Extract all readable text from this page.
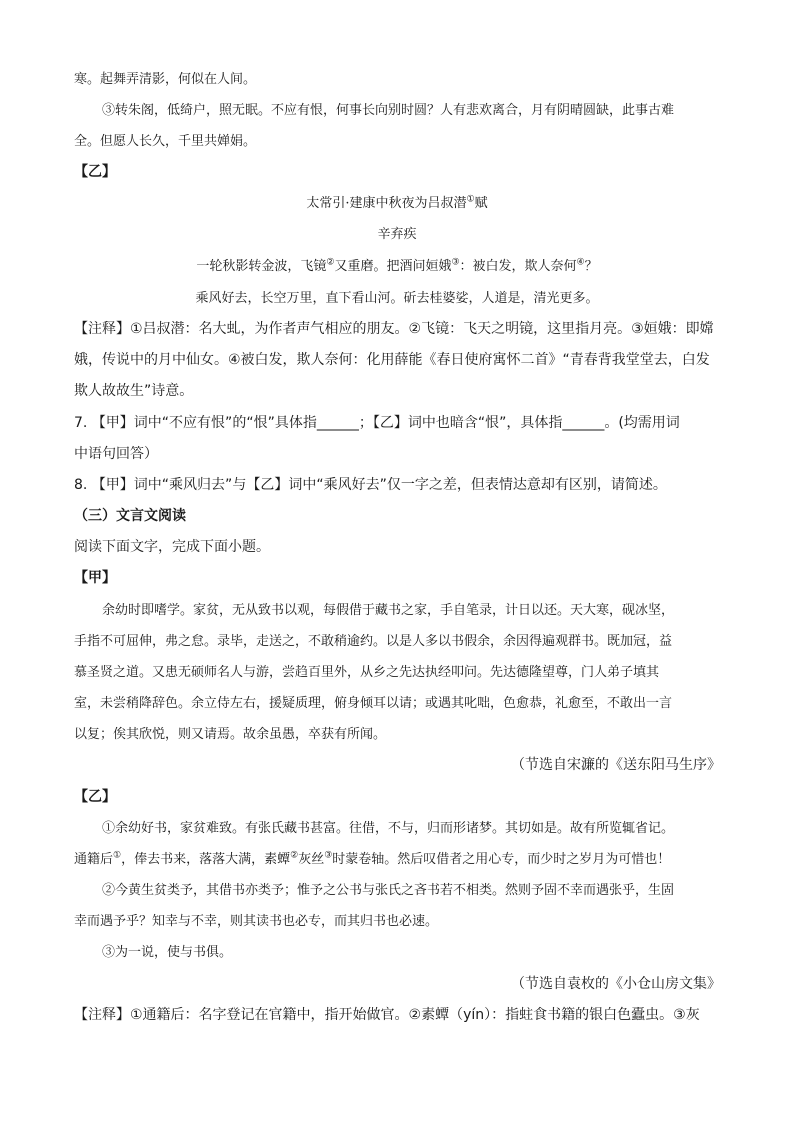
寒。起舞弄清影，何似在人间。
③转朱阁，低绮户，照无眠。不应有恨，何事长向别时圆？人有悲欢离合，月有阴晴圆缺，此事古难
全。但愿人长久，千里共婵娟。
【乙】
太常引·建康中秋夜为吕叔潜①赋
辛弃疾
一轮秋影转金波，飞镜②又重磨。把酒问姮娥③：被白发，欺人奈何④？
乘风好去，长空万里，直下看山河。斫去桂婆娑，人道是，清光更多。
【注释】①吕叔潜：名大虬，为作者声气相应的朋友。②飞镜：飞天之明镜，这里指月亮。③姮娥：即嫦
娥，传说中的月中仙女。④被白发，欺人奈何：化用薛能《春日使府寓怀二首》“青春背我堂堂去，白发
欺人故故生”诗意。
7. 【甲】词中“不应有恨”的“恨”具体指______；【乙】词中也暗含“恨”，具体指______。(均需用词
中语句回答）
8. 【甲】词中“乘风归去”与【乙】词中“乘风好去”仅一字之差，但表情达意却有区别，请简述。
（三）文言文阅读
阅读下面文字，完成下面小题。
【甲】
余幼时即嗜学。家贫，无从致书以观，每假借于藏书之家，手自笔录，计日以还。天大寒，砚冰坚，
手指不可屈伸，弗之怠。录毕，走送之，不敢稍逾约。以是人多以书假余，余因得遍观群书。既加冠，益
慕圣贤之道。又患无硕师名人与游，尝趋百里外，从乡之先达执经叩问。先达德隆望尊，门人弟子填其
室，未尝稍降辞色。余立侍左右，援疑质理，俯身倾耳以请；或遇其叱咄，色愈恭，礼愈至，不敢出一言
以复；俟其欣悦，则又请焉。故余虽愚，卒获有所闻。
（节选自宋濂的《送东阳马生序》
【乙】
①余幼好书，家贫难致。有张氏藏书甚富。往借，不与，归而形诸梦。其切如是。故有所览辄省记。
通籍后①，俸去书来，落落大满，素蟫②灰丝③时蒙卷轴。然后叹借者之用心专，而少时之岁月为可惜也！
②今黄生贫类予，其借书亦类予；惟予之公书与张氏之吝书若不相类。然则予固不幸而遇张乎，生固
幸而遇予乎？知幸与不幸，则其读书也必专，而其归书也必速。
③为一说，使与书俱。
（节选自袁枚的《小仓山房文集》
【注释】①通籍后：名字登记在官籍中，指开始做官。②素蟫（yín）：指蛀食书籍的银白色蠹虫。③灰
